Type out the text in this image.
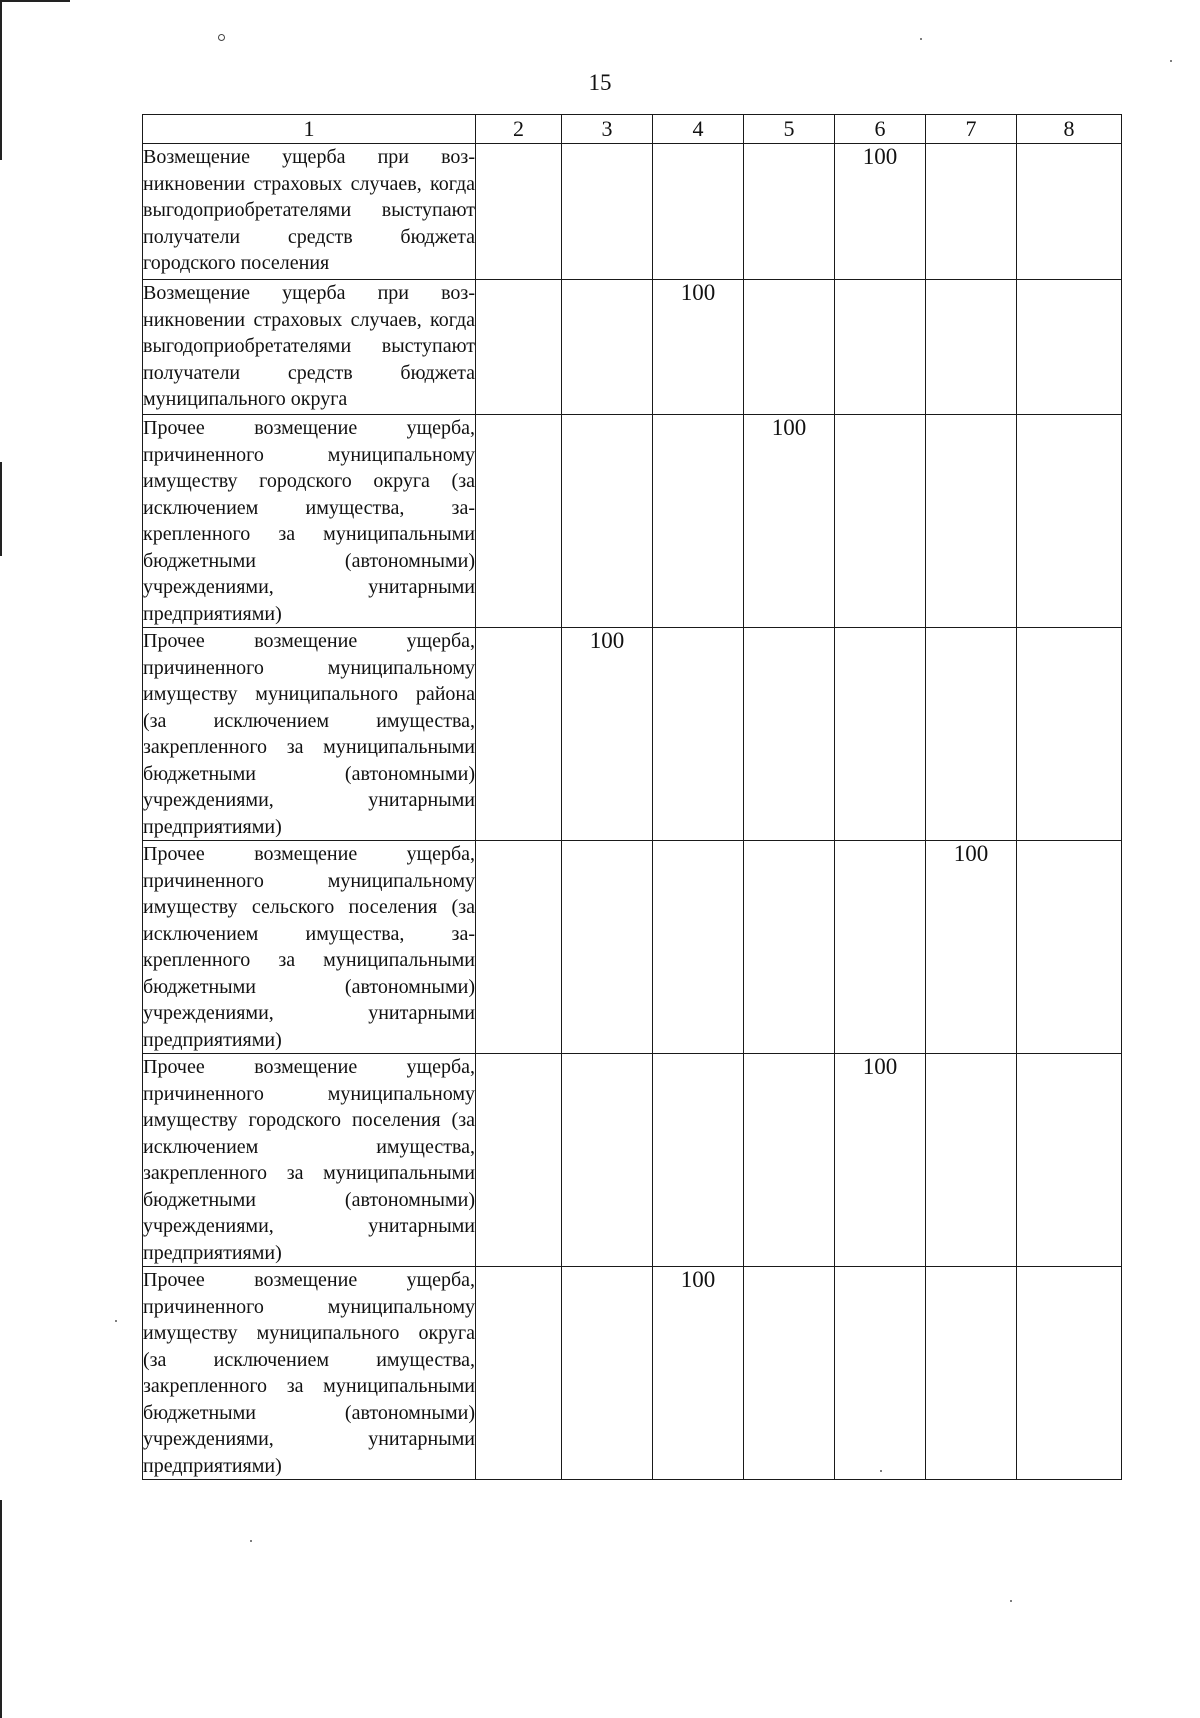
15
1	2	3	4	5	6	7	8
Возмещение ущерба при возникновении страховых случаев, когда выгодоприобретателями выступают получатели средств бюджета городского поселения					100		
Возмещение ущерба при возникновении страховых случаев, когда выгодоприобретателями выступают получатели средств бюджета муниципального округа			100				
Прочее возмещение ущерба, причиненного муниципальному имуществу городского округа (за исключением имущества, закрепленного за муниципальными бюджетными (автономными) учреждениями, унитарными предприятиями)				100			
Прочее возмещение ущерба, причиненного муниципальному имуществу муниципального района (за исключением имущества, закрепленного за муниципальными бюджетными (автономными) учреждениями, унитарными предприятиями)		100					
Прочее возмещение ущерба, причиненного муниципальному имуществу сельского поселения (за исключением имущества, закрепленного за муниципальными бюджетными (автономными) учреждениями, унитарными предприятиями)						100	
Прочее возмещение ущерба, причиненного муниципальному имуществу городского поселения (за исключением имущества, закрепленного за муниципальными бюджетными (автономными) учреждениями, унитарными предприятиями)					100		
Прочее возмещение ущерба, причиненного муниципальному имуществу муниципального округа (за исключением имущества, закрепленного за муниципальными бюджетными (автономными) учреждениями, унитарными предприятиями)			100				
